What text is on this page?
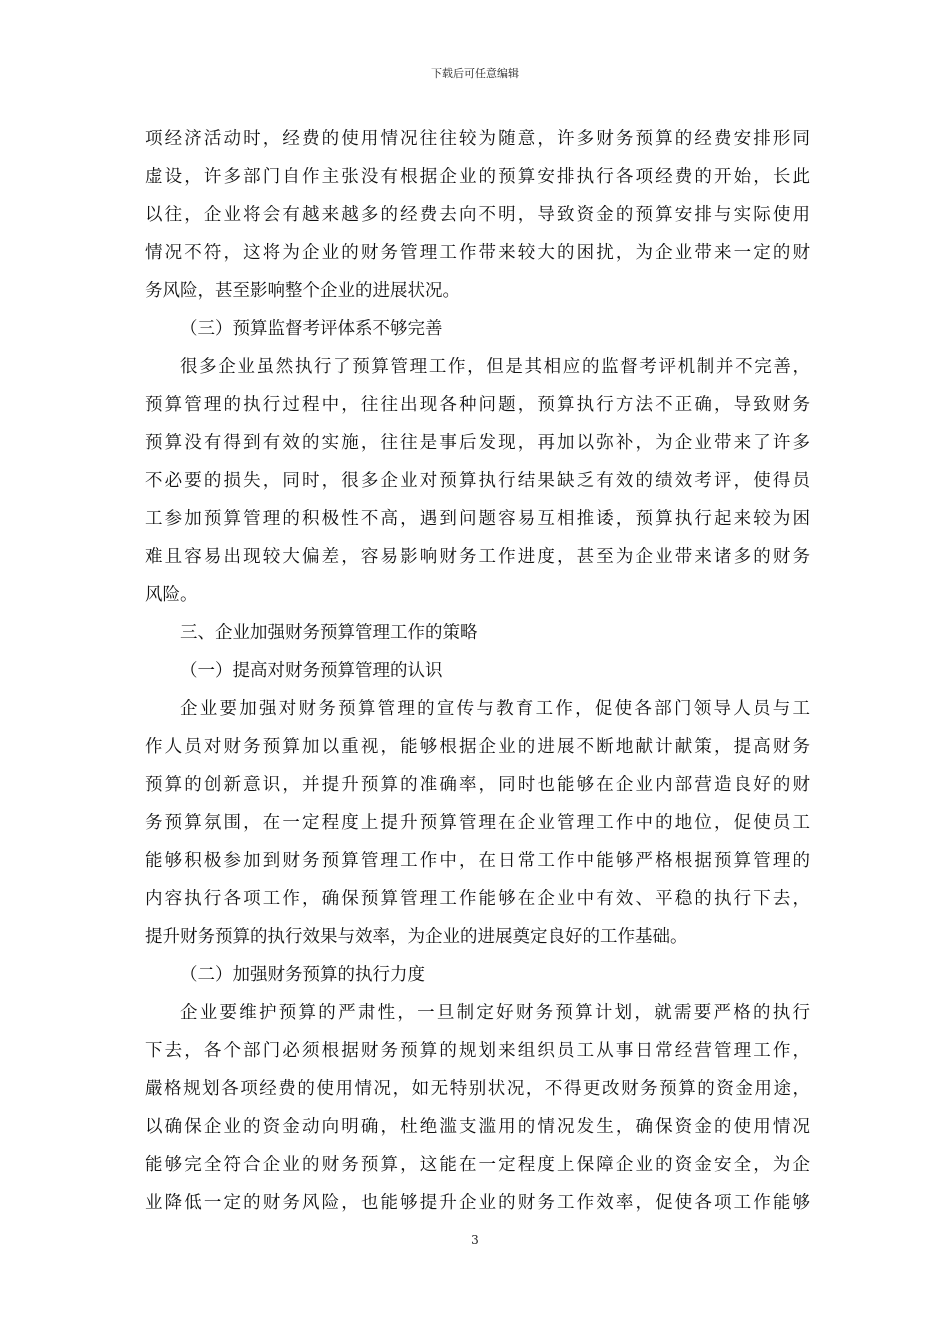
下载后可任意编辑
项经济活动时，经费的使用情况往往较为随意，许多财务预算的经费安排形同
虚设，许多部门自作主张没有根据企业的预算安排执行各项经费的开始，长此
以往，企业将会有越来越多的经费去向不明，导致资金的预算安排与实际使用
情况不符，这将为企业的财务管理工作带来较大的困扰，为企业带来一定的财
务风险，甚至影响整个企业的进展状况。
（三）预算监督考评体系不够完善
很多企业虽然执行了预算管理工作，但是其相应的监督考评机制并不完善，
预算管理的执行过程中，往往出现各种问题，预算执行方法不正确，导致财务
预算没有得到有效的实施，往往是事后发现，再加以弥补，为企业带来了许多
不必要的损失，同时，很多企业对预算执行结果缺乏有效的绩效考评，使得员
工参加预算管理的积极性不高，遇到问题容易互相推诿，预算执行起来较为困
难且容易出现较大偏差，容易影响财务工作进度，甚至为企业带来诸多的财务
风险。
三、企业加强财务预算管理工作的策略
（一）提高对财务预算管理的认识
企业要加强对财务预算管理的宣传与教育工作，促使各部门领导人员与工
作人员对财务预算加以重视，能够根据企业的进展不断地献计献策，提高财务
预算的创新意识，并提升预算的准确率，同时也能够在企业内部营造良好的财
务预算氛围，在一定程度上提升预算管理在企业管理工作中的地位，促使员工
能够积极参加到财务预算管理工作中，在日常工作中能够严格根据预算管理的
内容执行各项工作，确保预算管理工作能够在企业中有效、平稳的执行下去，
提升财务预算的执行效果与效率，为企业的进展奠定良好的工作基础。
（二）加强财务预算的执行力度
企业要维护预算的严肃性，一旦制定好财务预算计划，就需要严格的执行
下去，各个部门必须根据财务预算的规划来组织员工从事日常经营管理工作，
嚴格规划各项经费的使用情况，如无特别状况，不得更改财务预算的资金用途，
以确保企业的资金动向明确，杜绝滥支滥用的情况发生，确保资金的使用情况
能够完全符合企业的财务预算，这能在一定程度上保障企业的资金安全，为企
业降低一定的财务风险，也能够提升企业的财务工作效率，促使各项工作能够
3
